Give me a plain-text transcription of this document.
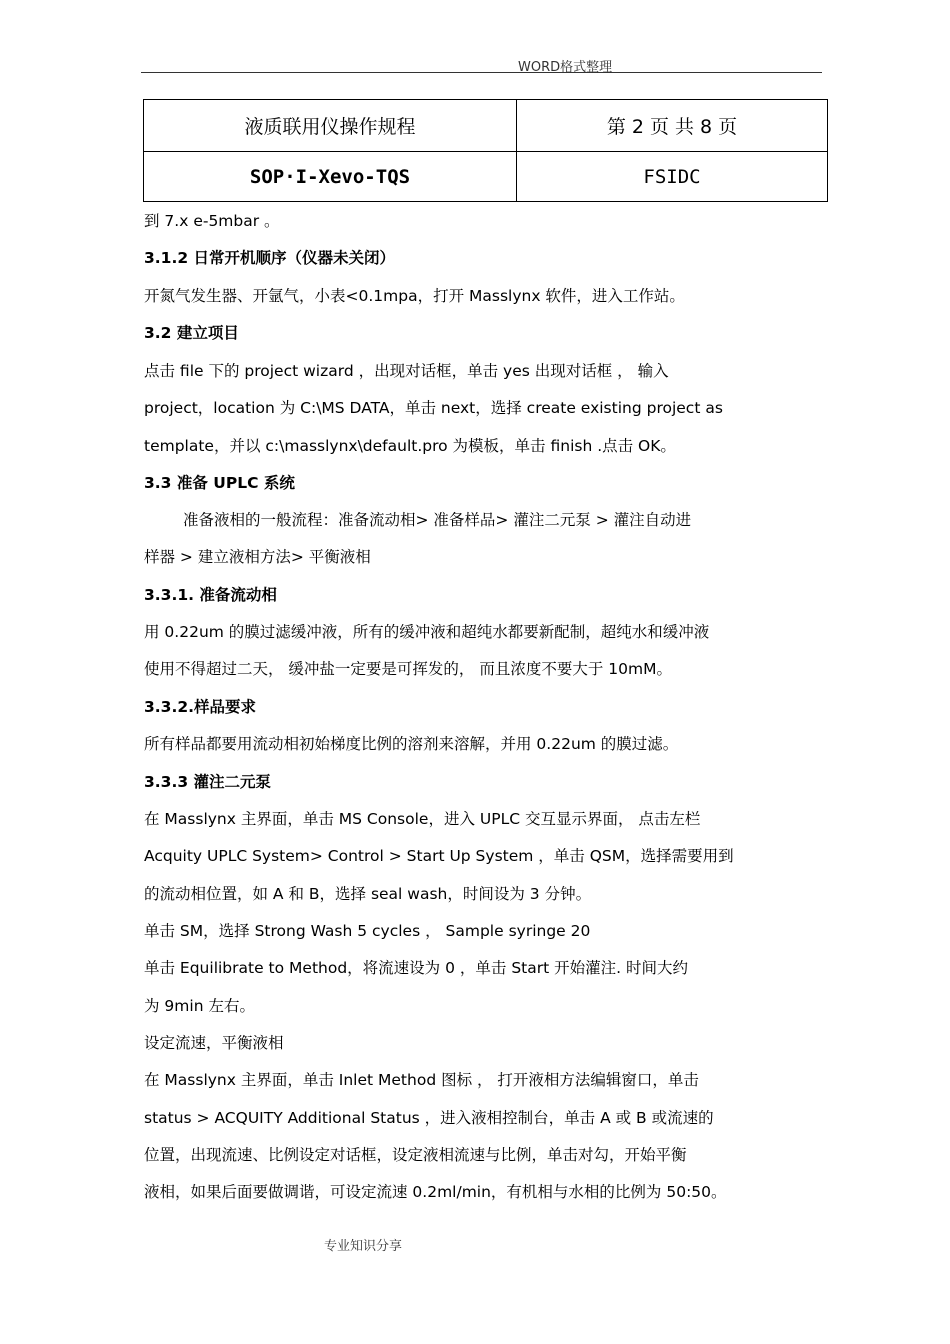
WORD格式整理
液质联用仪操作规程	第 2 页 共 8 页
SOP·I-Xevo-TQS	FSIDC
到 7.x e-5mbar 。
3.1.2 日常开机顺序（仪器未关闭）
开氮气发生器、开氩气，小表<0.1mpa，打开 Masslynx 软件，进入工作站。
3.2 建立项目
点击 file 下的 project wizard ，出现对话框，单击 yes 出现对话框 ， 输入
project，location 为 C:\MS DATA，单击 next，选择 create existing project as
template，并以 c:\masslynx\default.pro 为模板，单击 finish .点击 OK。
3.3 准备 UPLC 系统
准备液相的一般流程：准备流动相> 准备样品> 灌注二元泵 > 灌注自动进
样器 > 建立液相方法> 平衡液相
3.3.1. 准备流动相
用 0.22um 的膜过滤缓冲液，所有的缓冲液和超纯水都要新配制，超纯水和缓冲液
使用不得超过二天， 缓冲盐一定要是可挥发的， 而且浓度不要大于 10mM。
3.3.2.样品要求
所有样品都要用流动相初始梯度比例的溶剂来溶解，并用 0.22um 的膜过滤。
3.3.3 灌注二元泵
在 Masslynx 主界面，单击 MS Console，进入 UPLC 交互显示界面， 点击左栏
Acquity UPLC System> Control > Start Up System ，单击 QSM，选择需要用到
的流动相位置，如 A 和 B，选择 seal wash，时间设为 3 分钟。
单击 SM，选择 Strong Wash 5 cycles ， Sample syringe 20
单击 Equilibrate to Method，将流速设为 0 ，单击 Start 开始灌注. 时间大约
为 9min 左右。
设定流速，平衡液相
在 Masslynx 主界面，单击 Inlet Method 图标 ， 打开液相方法编辑窗口，单击
status > ACQUITY Additional Status ，进入液相控制台，单击 A 或 B 或流速的
位置，出现流速、比例设定对话框，设定液相流速与比例，单击对勾，开始平衡
液相，如果后面要做调谐，可设定流速 0.2ml/min，有机相与水相的比例为 50:50。
专业知识分享
